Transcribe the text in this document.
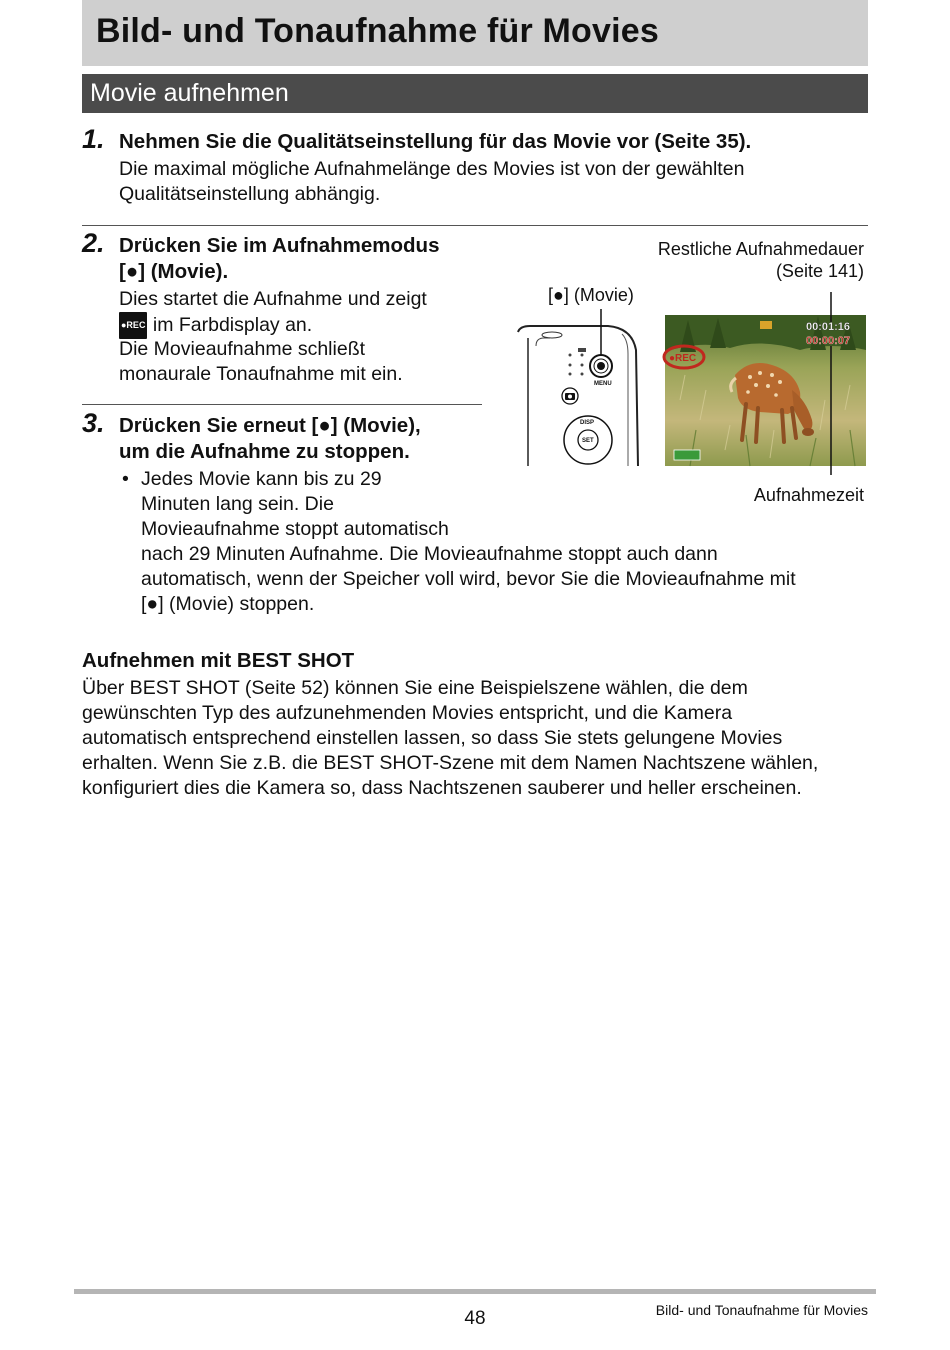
Bild- und Tonaufnahme für Movies
Movie aufnehmen
1. Nehmen Sie die Qualitätseinstellung für das Movie vor (Seite 35).
Die maximal mögliche Aufnahmelänge des Movies ist von der gewählten
Qualitätseinstellung abhängig.
2. Drücken Sie im Aufnahmemodus
[●] (Movie).
Dies startet die Aufnahme und zeigt
●REC im Farbdisplay an.
Die Movieaufnahme schließt
monaurale Tonaufnahme mit ein.
3. Drücken Sie erneut [●] (Movie),
um die Aufnahme zu stoppen.
• Jedes Movie kann bis zu 29
Minuten lang sein. Die
Movieaufnahme stoppt automatisch
nach 29 Minuten Aufnahme. Die Movieaufnahme stoppt auch dann
automatisch, wenn der Speicher voll wird, bevor Sie die Movieaufnahme mit
[●] (Movie) stoppen.
Restliche Aufnahmedauer
(Seite 141)
[●] (Movie)
Aufnahmezeit
MENU
DISP
SET
00:01:16
00:00:07
●REC
Aufnehmen mit BEST SHOT
Über BEST SHOT (Seite 52) können Sie eine Beispielszene wählen, die dem
gewünschten Typ des aufzunehmenden Movies entspricht, und die Kamera
automatisch entsprechend einstellen lassen, so dass Sie stets gelungene Movies
erhalten. Wenn Sie z.B. die BEST SHOT-Szene mit dem Namen Nachtszene wählen,
konfiguriert dies die Kamera so, dass Nachtszenen sauberer und heller erscheinen.
48	Bild- und Tonaufnahme für Movies
